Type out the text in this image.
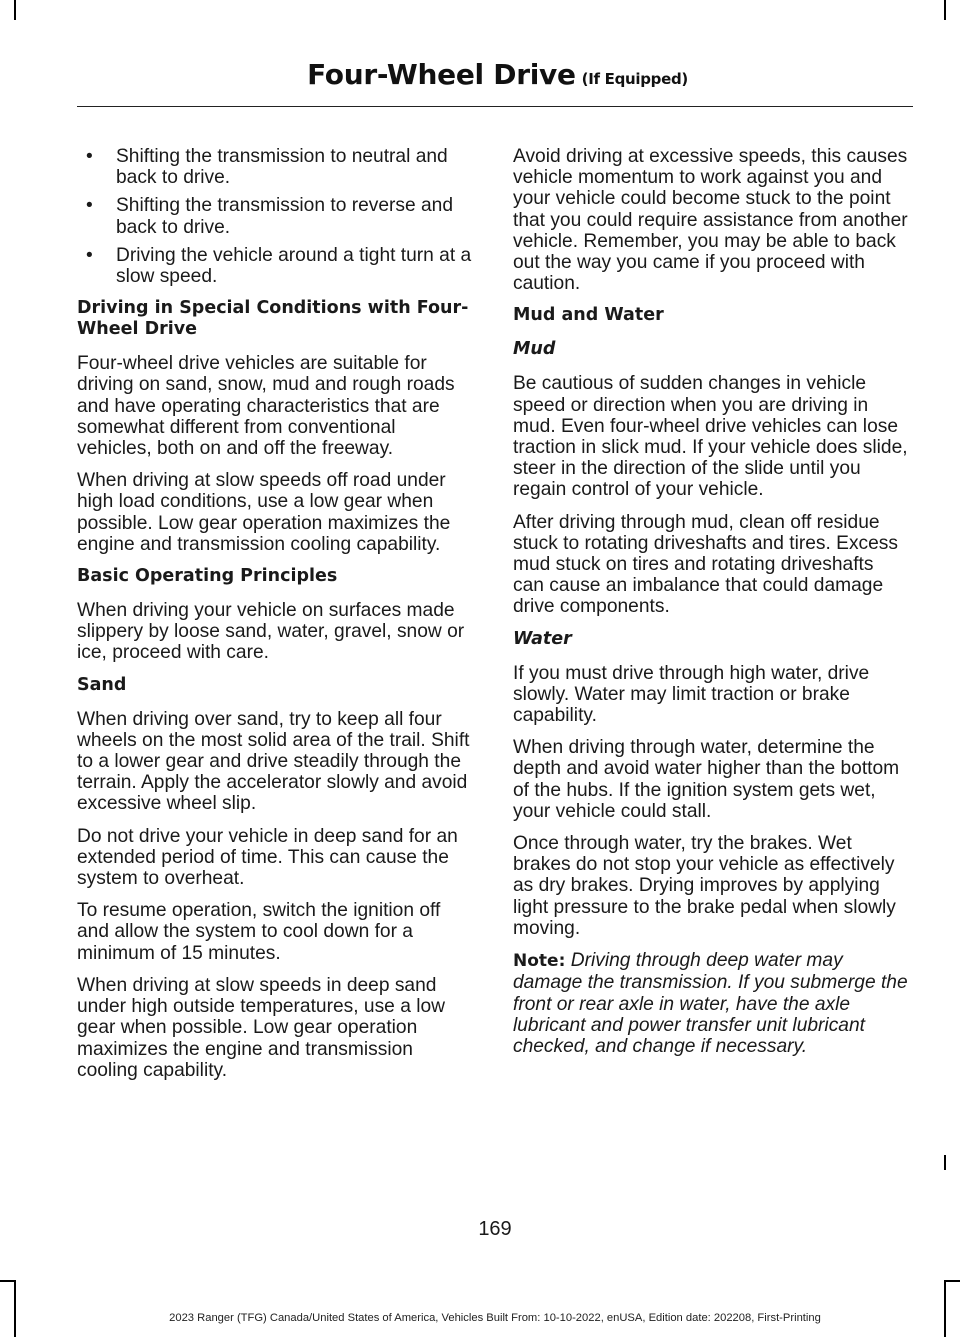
Four-Wheel Drive (If Equipped)
• Shifting the transmission to neutral and back to drive.
• Shifting the transmission to reverse and back to drive.
• Driving the vehicle around a tight turn at a slow speed.
Driving in Special Conditions with Four-Wheel Drive

Four-wheel drive vehicles are suitable for driving on sand, snow, mud and rough roads and have operating characteristics that are somewhat different from conventional vehicles, both on and off the freeway.

When driving at slow speeds off road under high load conditions, use a low gear when possible. Low gear operation maximizes the engine and transmission cooling capability.

Basic Operating Principles

When driving your vehicle on surfaces made slippery by loose sand, water, gravel, snow or ice, proceed with care.

Sand

When driving over sand, try to keep all four wheels on the most solid area of the trail. Shift to a lower gear and drive steadily through the terrain. Apply the accelerator slowly and avoid excessive wheel slip.

Do not drive your vehicle in deep sand for an extended period of time. This can cause the system to overheat.

To resume operation, switch the ignition off and allow the system to cool down for a minimum of 15 minutes.

When driving at slow speeds in deep sand under high outside temperatures, use a low gear when possible. Low gear operation maximizes the engine and transmission cooling capability.

Avoid driving at excessive speeds, this causes vehicle momentum to work against you and your vehicle could become stuck to the point that you could require assistance from another vehicle. Remember, you may be able to back out the way you came if you proceed with caution.

Mud and Water
Mud

Be cautious of sudden changes in vehicle speed or direction when you are driving in mud. Even four-wheel drive vehicles can lose traction in slick mud. If your vehicle does slide, steer in the direction of the slide until you regain control of your vehicle.

After driving through mud, clean off residue stuck to rotating driveshafts and tires. Excess mud stuck on tires and rotating driveshafts can cause an imbalance that could damage drive components.

Water

If you must drive through high water, drive slowly. Water may limit traction or brake capability.

When driving through water, determine the depth and avoid water higher than the bottom of the hubs. If the ignition system gets wet, your vehicle could stall.

Once through water, try the brakes. Wet brakes do not stop your vehicle as effectively as dry brakes. Drying improves by applying light pressure to the brake pedal when slowly moving.

Note: Driving through deep water may damage the transmission. If you submerge the front or rear axle in water, have the axle lubricant and power transfer unit lubricant checked, and change if necessary.

169
2023 Ranger (TFG) Canada/United States of America, Vehicles Built From: 10-10-2022, enUSA, Edition date: 202208, First-Printing
